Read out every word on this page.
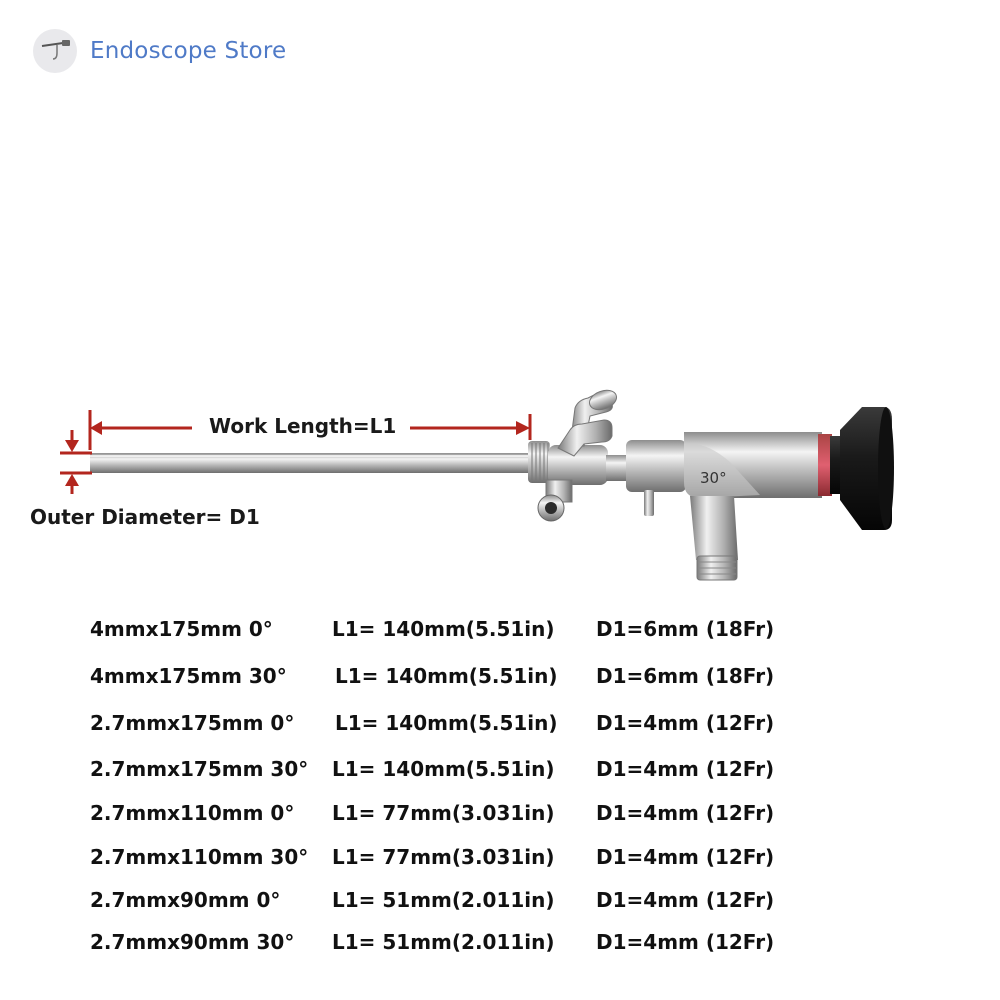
Endoscope Store
30°
Work Length=L1
Outer Diameter= D1
4mmx175mm 0°	L1= 140mm(5.51in) D1=6mm (18Fr)
4mmx175mm 30° L1= 140mm(5.51in) D1=6mm (18Fr)
2.7mmx175mm 0° L1= 140mm(5.51in) D1=4mm (12Fr)
2.7mmx175mm 30° L1= 140mm(5.51in) D1=4mm (12Fr)
2.7mmx110mm 0° L1= 77mm(3.031in) D1=4mm (12Fr)
2.7mmx110mm 30° L1= 77mm(3.031in) D1=4mm (12Fr)
2.7mmx90mm 0°	L1= 51mm(2.011in) D1=4mm (12Fr)
2.7mmx90mm 30° L1= 51mm(2.011in) D1=4mm (12Fr)
